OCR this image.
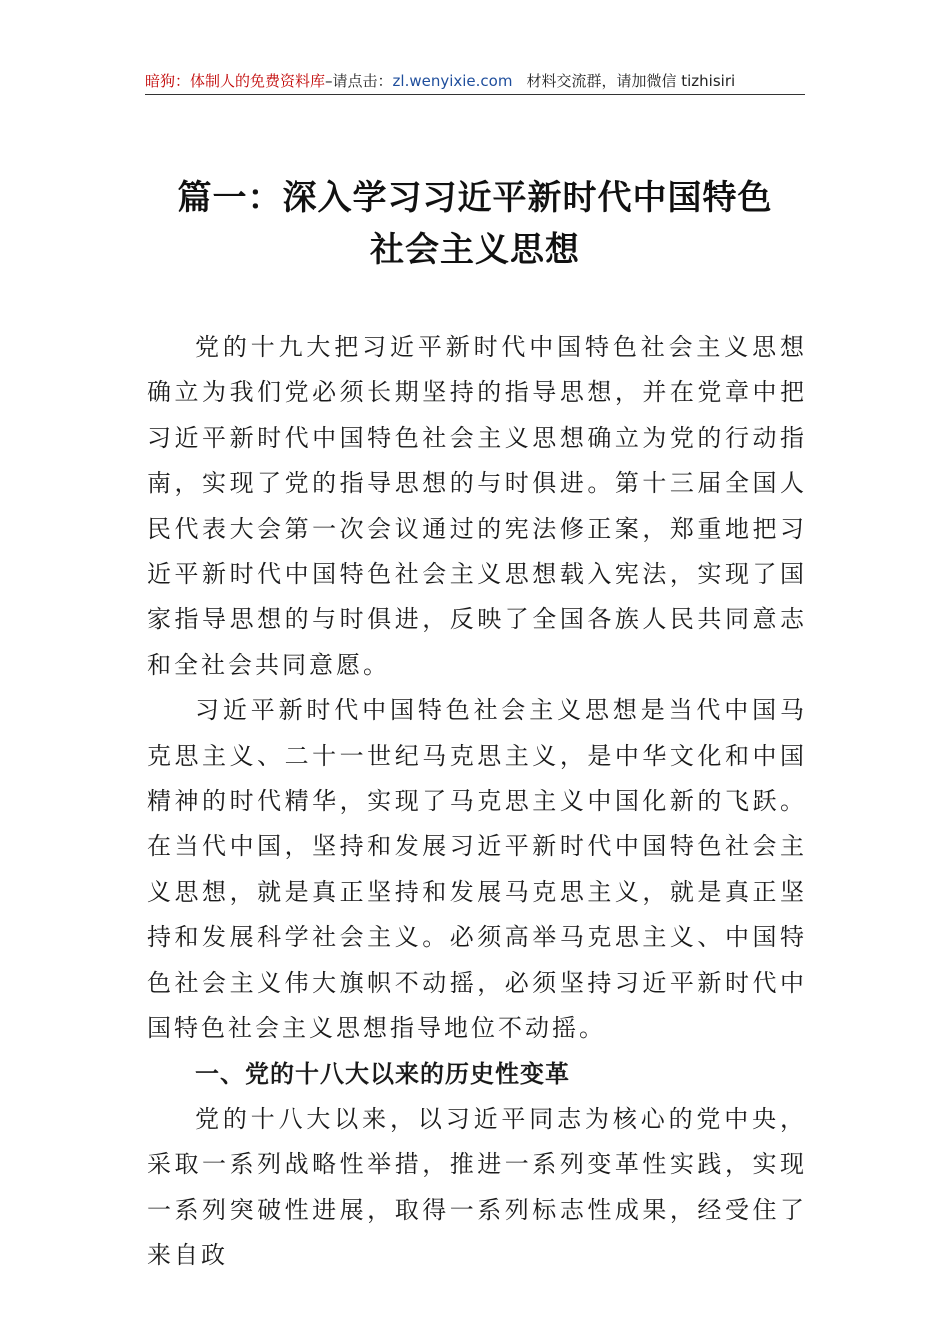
暗狗：体制人的免费资料库–请点击：zl.wenyixie.com 材料交流群，请加微信 tizhisiri
篇一：深入学习习近平新时代中国特色
社会主义思想

党的十九大把习近平新时代中国特色社会主义思想确立为我们党必须长期坚持的指导思想，并在党章中把习近平新时代中国特色社会主义思想确立为党的行动指南，实现了党的指导思想的与时俱进。第十三届全国人民代表大会第一次会议通过的宪法修正案，郑重地把习近平新时代中国特色社会主义思想载入宪法，实现了国家指导思想的与时俱进，反映了全国各族人民共同意志和全社会共同意愿。

习近平新时代中国特色社会主义思想是当代中国马克思主义、二十一世纪马克思主义，是中华文化和中国精神的时代精华，实现了马克思主义中国化新的飞跃。在当代中国，坚持和发展习近平新时代中国特色社会主义思想，就是真正坚持和发展马克思主义，就是真正坚持和发展科学社会主义。必须高举马克思主义、中国特色社会主义伟大旗帜不动摇，必须坚持习近平新时代中国特色社会主义思想指导地位不动摇。

一、党的十八大以来的历史性变革

党的十八大以来，以习近平同志为核心的党中央，采取一系列战略性举措，推进一系列变革性实践，实现一系列突破性进展，取得一系列标志性成果，经受住了来自政
